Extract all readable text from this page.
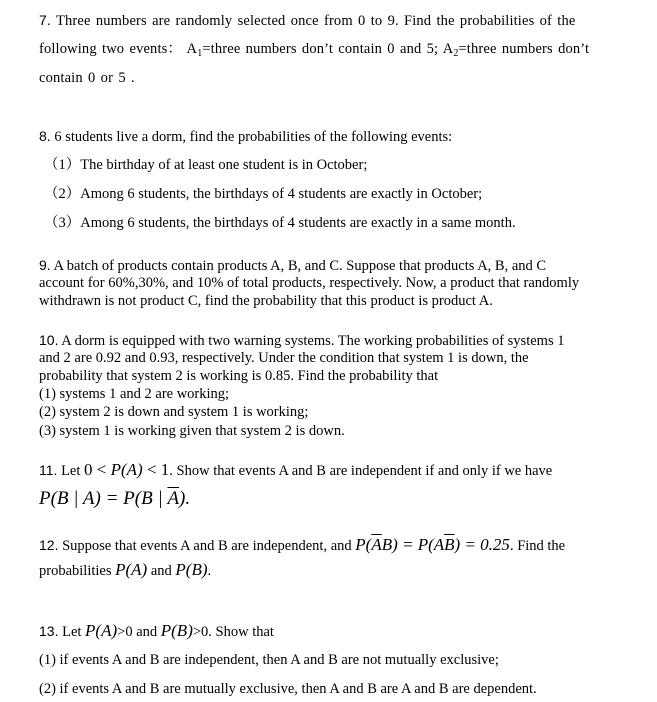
7. Three numbers are randomly selected once from 0 to 9. Find the probabilities of the
following two events： $A_1=three$ numbers don’t contain 0 and 5; $A_2=three$ numbers don’t
contain 0 or 5 .
8. 6 students live a dorm, find the probabilities of the following events:
（1）The birthday of at least one student is in October;
（2）Among 6 students, the birthdays of 4 students are exactly in October;
（3）Among 6 students, the birthdays of 4 students are exactly in a same month.
9. A batch of products contain products A, B, and C. Suppose that products A, B, and C
account for 60%,30%, and 10% of total products, respectively. Now, a product that randomly
withdrawn is not product C, find the probability that this product is product A.
10. A dorm is equipped with two warning systems. The working probabilities of systems 1
and 2 are 0.92 and 0.93, respectively. Under the condition that system 1 is down, the
probability that system 2 is working is 0.85. Find the probability that
(1) systems 1 and 2 are working;
(2) system 2 is down and system 1 is working;
(3) system 1 is working given that system 2 is down.
11. Let 0 < P(A) < 1. Show that events A and B are independent if and only if we have
P(B | A) = P(B | $\overline{A}$).
12. Suppose that events A and B are independent, and $P(\overline{A}B) = P(A\overline{B}) = 0.25$. Find the
probabilities P(A) and P(B).
13. Let P(A)>0 and P(B)>0. Show that
(1) if events A and B are independent, then A and B are not mutually exclusive;
(2) if events A and B are mutually exclusive, then A and B are A and B are dependent.
